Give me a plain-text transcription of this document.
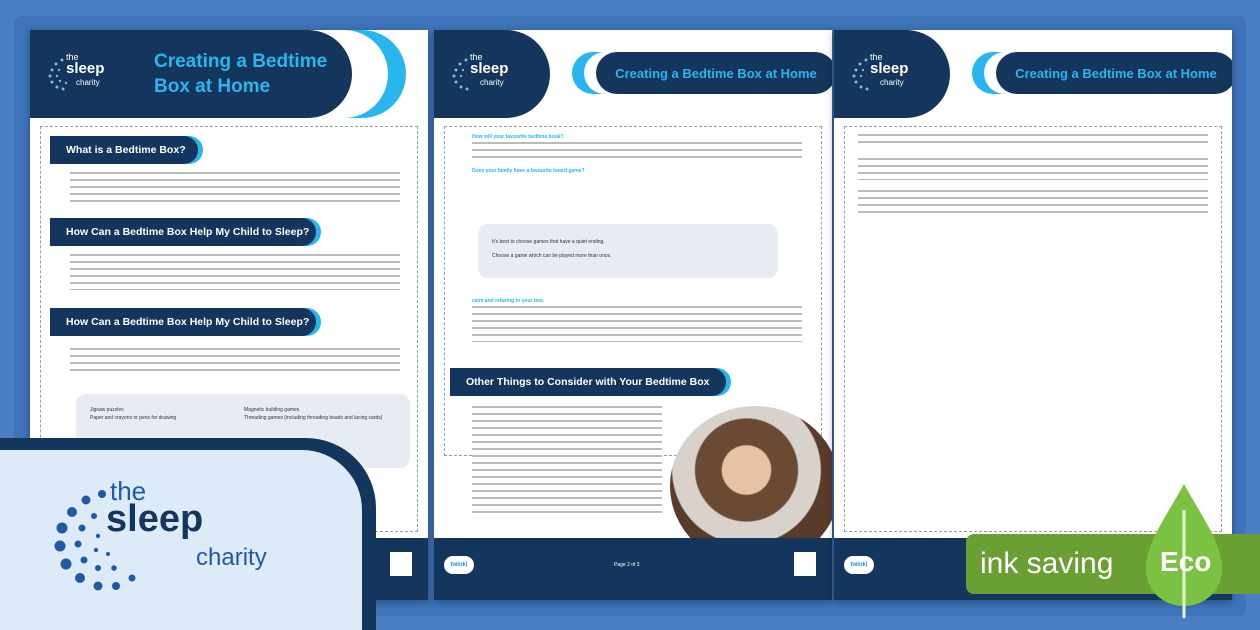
Creating a Bedtime
Box at Home
the
sleep
charity
What is a Bedtime Box?
How Can a Bedtime Box Help My Child to Sleep?
How Can a Bedtime Box Help My Child to Sleep?
Jigsaw puzzles
Paper and crayons or pens for drawing
Magnetic building games
Threading games (including threading beads and lacing cards)
the
sleep
charity
Creating a Bedtime Box at Home
How will your favourite bedtime book?
Does your family have a favourite board game?
It's best to choose games that have a quiet ending.
Choose a game which can be played more than once.
calm and relaxing to your box.
Other Things to Consider with Your Bedtime Box
twinkl	Page 2 of 3
the
sleep
charity
Creating a Bedtime Box at Home
twinkl
the
sleep
charity	ink saving Eco
